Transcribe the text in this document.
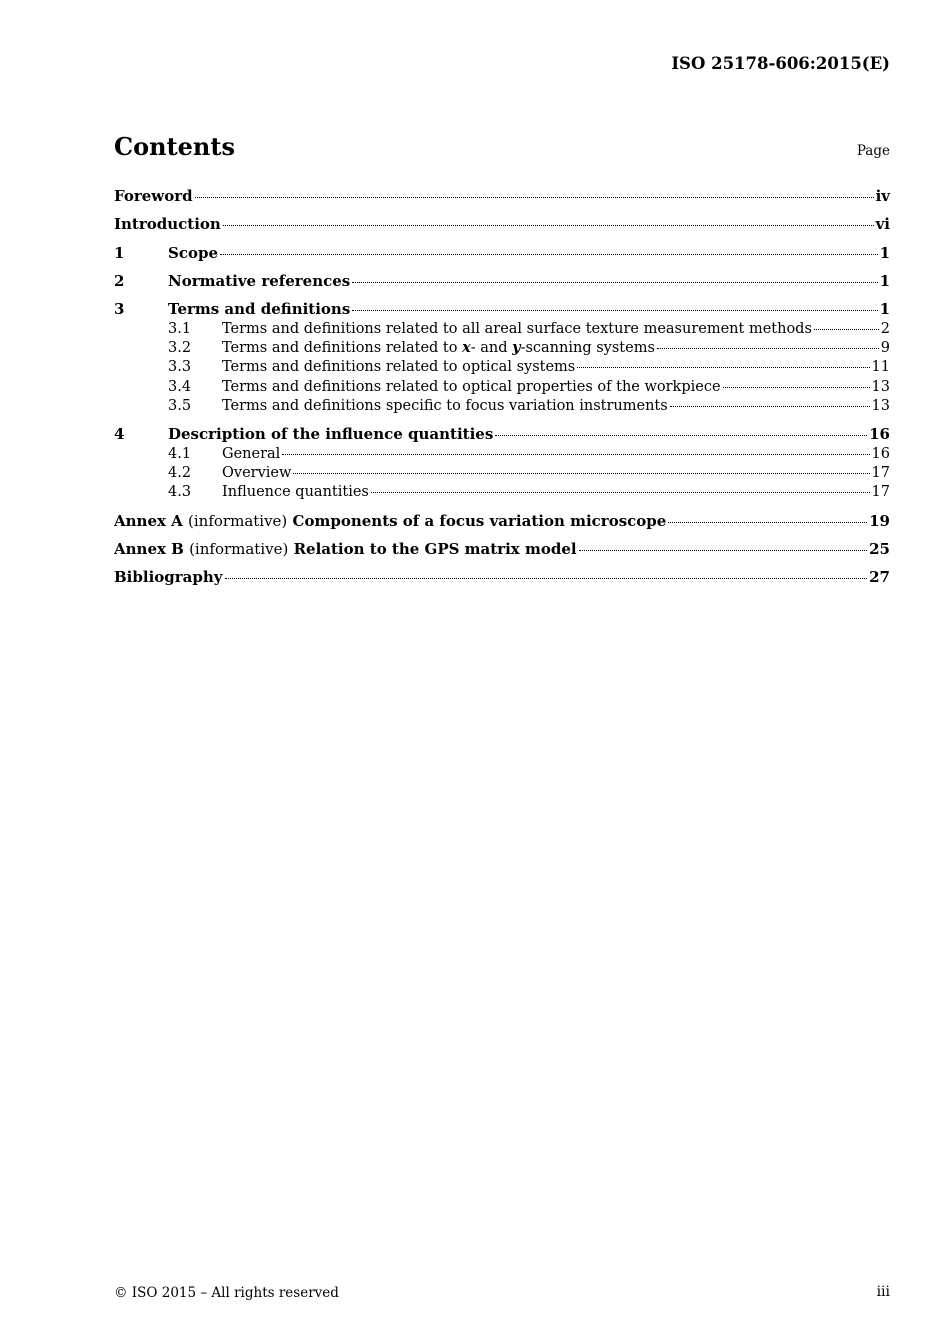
ISO 25178-606:2015(E)
Contents	Page
Foreword	iv
Introduction	vi
1	Scope	1
2	Normative references	1
3	Terms and definitions	1
3.1	Terms and definitions related to all areal surface texture measurement methods	2
3.2	Terms and definitions related to x- and y-scanning systems	9
3.3	Terms and definitions related to optical systems	11
3.4	Terms and definitions related to optical properties of the workpiece	13
3.5	Terms and definitions specific to focus variation instruments	13
4	Description of the influence quantities	16
4.1	General	16
4.2	Overview	17
4.3	Influence quantities	17
Annex A (informative) Components of a focus variation microscope	19
Annex B (informative) Relation to the GPS matrix model	25
Bibliography	27
© ISO 2015 – All rights reserved	iii
